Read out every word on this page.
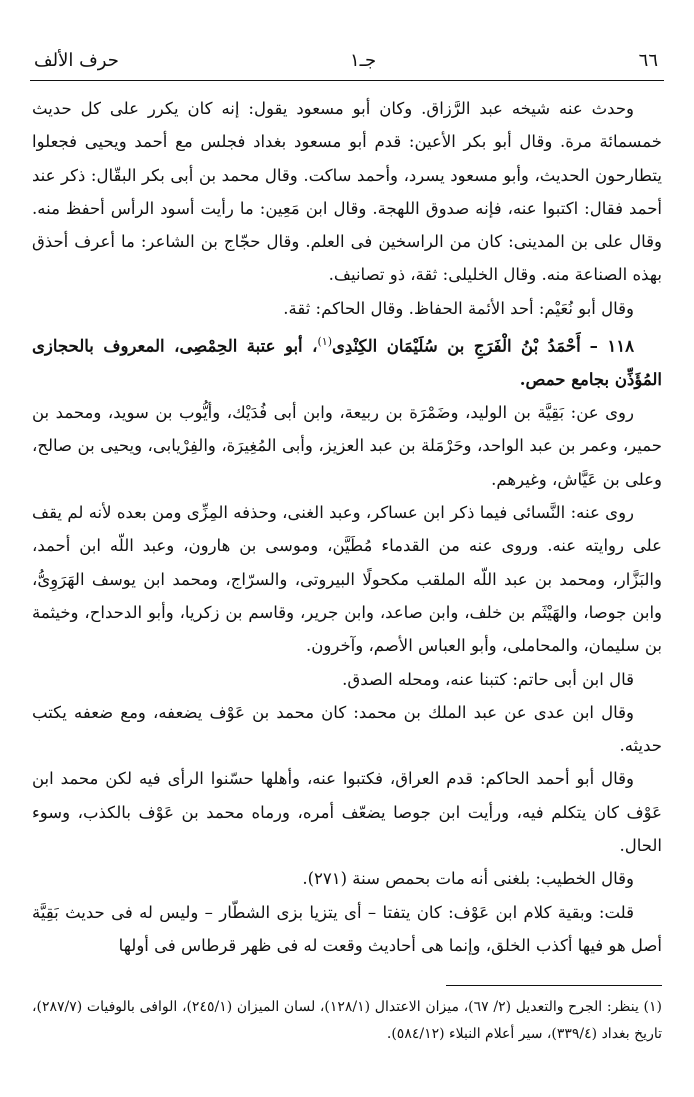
٦٦
جـ١
حرف الألف

وحدث عنه شيخه عبد الرَّزاق. وكان أبو مسعود يقول: إنه كان يكرر على كل حديث خمسمائة مرة. وقال أبو بكر الأعين: قدم أبو مسعود بغداد فجلس مع أحمد ويحيى فجعلوا يتطارحون الحديث، وأبو مسعود يسرد، وأحمد ساكت. وقال محمد بن أبى بكر البقّال: ذكر عند أحمد فقال: اكتبوا عنه، فإنه صدوق اللهجة. وقال ابن مَعِين: ما رأيت أسود الرأس أحفظ منه. وقال على بن المدينى: كان من الراسخين فى العلم. وقال حجّاج بن الشاعر: ما أعرف أحذق بهذه الصناعة منه. وقال الخليلى: ثقة، ذو تصانيف.

وقال أبو نُعَيْم: أحد الأئمة الحفاظ. وقال الحاكم: ثقة.

١١٨ – أَحْمَدُ بْنُ الْفَرَجِ بن سُلَيْمَان الكِنْدِى$^{(١)}$، أبو عتبة الحِمْصِى، المعروف بالحجازى المُؤَذِّن بجامع حمص.

روى عن: بَقِيَّة بن الوليد، وضَمْرَة بن ربيعة، وابن أبى فُدَيْك، وأيُّوب بن سويد، ومحمد بن حمير، وعمر بن عبد الواحد، وحَرْمَلة بن عبد العزيز، وأبى المُغِيرَة، والفِرْيابى، ويحيى بن صالح، وعلى بن عَيَّاش، وغيرهم.

روى عنه: النَّسائى فيما ذكر ابن عساكر، وعبد الغنى، وحذفه المِزِّى ومن بعده لأنه لم يقف على روايته عنه. وروى عنه من القدماء مُطَيَّن، وموسى بن هارون، وعبد اللّه ابن أحمد، والبَزَّار، ومحمد بن عبد اللّه الملقب مكحولًا البيروتى، والسرّاج، ومحمد ابن يوسف الهَرَوِىُّ، وابن جوصا، والهَيْثَم بن خلف، وابن صاعد، وابن جرير، وقاسم بن زكريا، وأبو الدحداح، وخيثمة بن سليمان، والمحاملى، وأبو العباس الأصم، وآخرون.

قال ابن أبى حاتم: كتبنا عنه، ومحله الصدق.

وقال ابن عدى عن عبد الملك بن محمد: كان محمد بن عَوْف يضعفه، ومع ضعفه يكتب حديثه.

وقال أبو أحمد الحاكم: قدم العراق، فكتبوا عنه، وأهلها حسّنوا الرأى فيه لكن محمد ابن عَوْف كان يتكلم فيه، ورأيت ابن جوصا يضعّف أمره، ورماه محمد بن عَوْف بالكذب، وسوء الحال.

وقال الخطيب: بلغنى أنه مات بحمص سنة (٢٧١).

قلت: وبقية كلام ابن عَوْف: كان يتفتا – أى يتزيا بزى الشطّار – وليس له فى حديث بَقِيَّة أصل هو فيها أكذب الخلق، وإنما هى أحاديث وقعت له فى ظهر قرطاس فى أولها

(١) ينظر: الجرح والتعديل (٢/ ٦٧)، ميزان الاعتدال (١٢٨/١)، لسان الميزان (٢٤٥/١)، الوافى بالوفيات (٢٨٧/٧)، تاريخ بغداد (٣٣٩/٤)، سير أعلام النبلاء (٥٨٤/١٢).
